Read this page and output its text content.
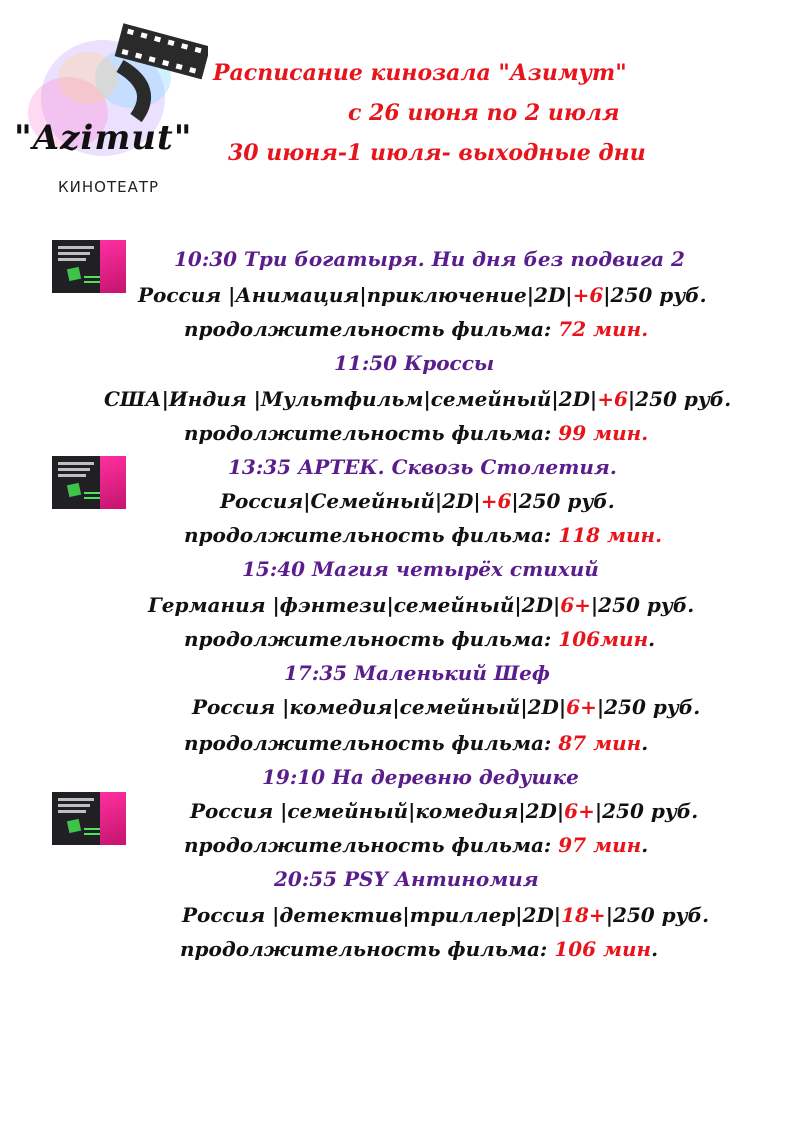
"Azimut"
КИНОТЕАТР
Расписание кинозала "Азимут"
с 26 июня по 2 июля
30 июня-1 июля- выходные дни
10:30 Три богатыря. Ни дня без подвига 2
Россия |Анимация|приключение|2D|+6|250 руб.
продолжительность фильма: 72 мин.
11:50 Кроссы
США|Индия |Мультфильм|семейный|2D|+6|250 руб.
продолжительность фильма: 99 мин.
13:35 АРТЕК. Сквозь Столетия.
Россия|Семейный|2D|+6|250 руб.
продолжительность фильма: 118 мин.
15:40 Магия четырёх стихий
Германия |фэнтези|семейный|2D|6+|250 руб.
продолжительность фильма: 106мин.
17:35 Маленький Шеф
Россия |комедия|семейный|2D|6+|250 руб.
продолжительность фильма: 87 мин.
19:10 На деревню дедушке
Россия |семейный|комедия|2D|6+|250 руб.
продолжительность фильма: 97 мин.
20:55 PSY Антиномия
Россия |детектив|триллер|2D|18+|250 руб.
продолжительность фильма: 106 мин.
